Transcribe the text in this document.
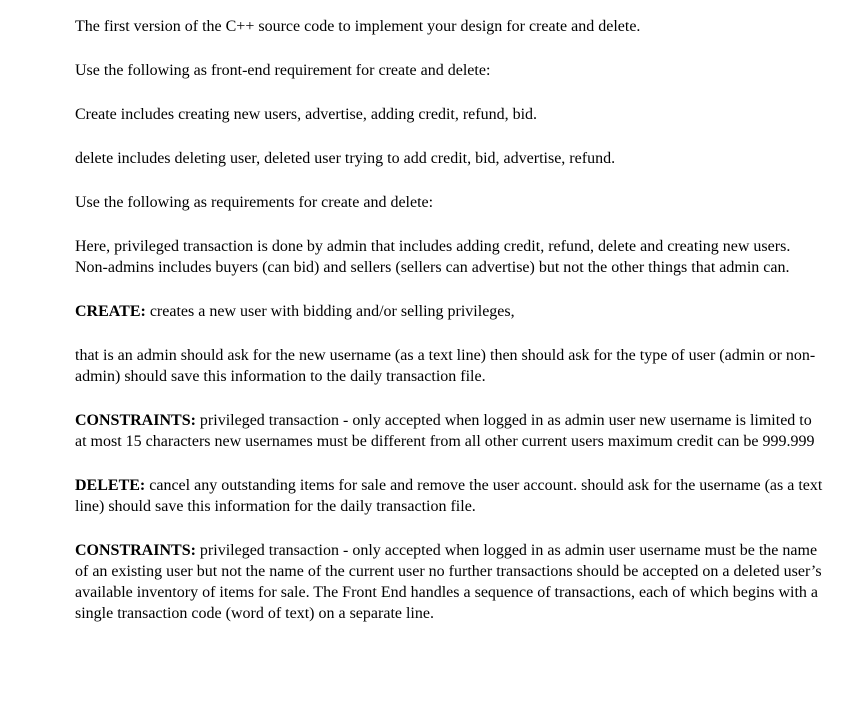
The first version of the C++ source code to implement your design for create and delete.

Use the following as front-end requirement for create and delete:

Create includes creating new users, advertise, adding credit, refund, bid.

delete includes deleting user, deleted user trying to add credit, bid, advertise, refund.

Use the following as requirements for create and delete:

Here, privileged transaction is done by admin that includes adding credit, refund, delete and creating new users.

Non-admins includes buyers (can bid) and sellers (sellers can advertise) but not the other things that admin can.

CREATE: creates a new user with bidding and/or selling privileges,

that is an admin should ask for the new username (as a text line) then should ask for the type of user (admin or non-admin) should save this information to the daily transaction file.

CONSTRAINTS: privileged transaction - only accepted when logged in as admin user new username is limited to at most 15 characters new usernames must be different from all other current users maximum credit can be 999.999

DELETE: cancel any outstanding items for sale and remove the user account. should ask for the username (as a text line) should save this information for the daily transaction file.

CONSTRAINTS: privileged transaction - only accepted when logged in as admin user username must be the name of an existing user but not the name of the current user no further transactions should be accepted on a deleted user’s available inventory of items for sale. The Front End handles a sequence of transactions, each of which begins with a single transaction code (word of text) on a separate line.
